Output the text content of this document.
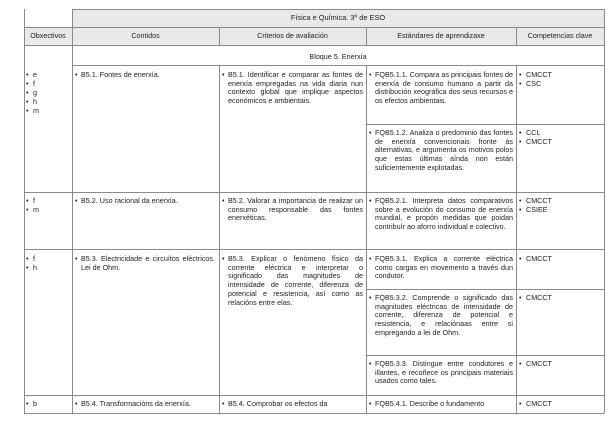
Física e Química. 3º de ESO
Obxectivos	Contidos	Criterios de avaliación	Estándares de aprendizaxe	Competencias clave
Bloque 5. Enerxía
• e
• f
• g
• h
• m
• B5.1. Fontes de enerxía.	• B5.1. Identificar e comparar as fontes de enerxía empregadas na vida diaria nun contexto global que implique aspectos económicos e ambientais.
• FQB5.1.1. Compara as principais fontes de enerxía de consumo humano a partir da distribución xeográfica dos seus recursos e os efectos ambientais.
• CMCCT
• CSC
• FQB5.1.2. Analiza o predominio das fontes de enerxía convencionais fronte ás alternativas, e argumenta os motivos polos que estas últimas aínda non están suficientemente explotadas.
• CCL
• CMCCT
• f
• m
• B5.2. Uso racional da enerxía.	• B5.2. Valorar a importancia de realizar un consumo responsable das fontes enerxéticas.
• FQB5.2.1. Interpreta datos comparativos sobre a evolución do consumo de enerxía mundial, e propón medidas que poidan contribuír ao aforro individual e colectivo.
• CMCCT
• CSIEE
• f
• h
• B5.3. Electricidade e circuítos eléctricos. Lei de Ohm.
• B5.3. Explicar o fenómeno físico da corrente eléctrica e interpretar o significado das magnitudes de intensidade de corrente, diferenza de potencial e resistencia, así como as relacións entre elas.
• FQB5.3.1. Explica a corrente eléctrica como cargas en movemento a través dun condutor.
• CMCCT
• FQB5.3.2. Comprende o significado das magnitudes eléctricas de intensidade de corrente, diferenza de potencial e resistencia, e relaciónaas entre si empregando a lei de Ohm.
• CMCCT
• FQB5.3.3. Distingue entre condutores e illantes, e recoñece os principais materiais usados como tales.
• CMCCT
• b	• B5.4. Transformacións da enerxía.	• B5.4. Comprobar os efectos da	• FQB5.4.1. Describe o fundamento
•	CMCCT
